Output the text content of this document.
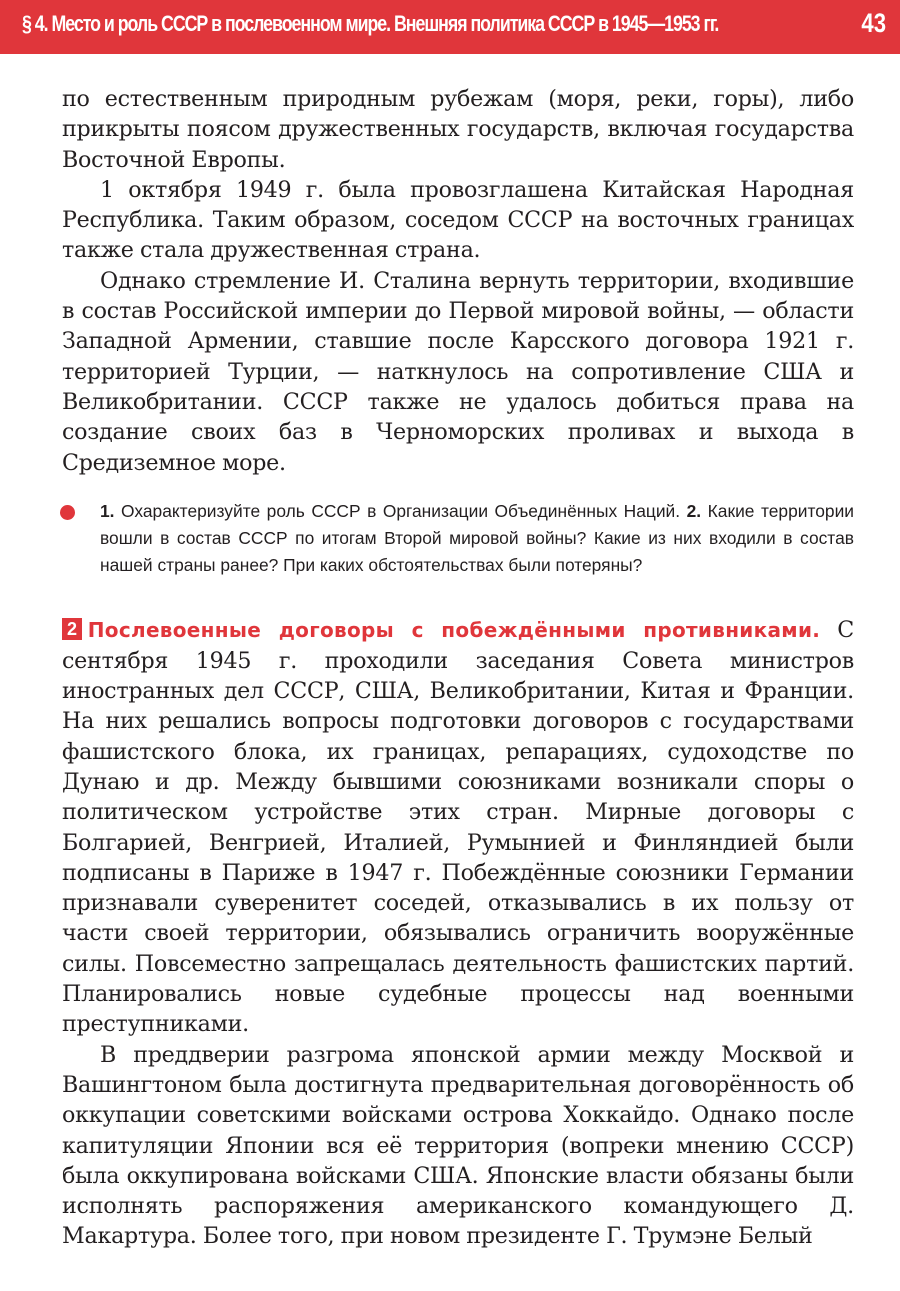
§ 4. Место и роль СССР в послевоенном мире. Внешняя политика СССР в 1945—1953 гг.	43

по естественным природным рубежам (моря, реки, горы), либо прикрыты поясом дружественных государств, включая государства Восточной Европы.

1 октября 1949 г. была провозглашена Китайская Народная Республика. Таким образом, соседом СССР на восточных границах также стала дружественная страна.

Однако стремление И. Сталина вернуть территории, входившие в состав Российской империи до Первой мировой войны, — области Западной Армении, ставшие после Карсского договора 1921 г. территорией Турции, — наткнулось на сопротивление США и Великобритании. СССР также не удалось добиться права на создание своих баз в Черноморских проливах и выхода в Средиземное море.

1. Охарактеризуйте роль СССР в Организации Объединённых Наций. 2. Какие территории вошли в состав СССР по итогам Второй мировой войны? Какие из них входили в состав нашей страны ранее? При каких обстоятельствах были потеряны?

2 Послевоенные договоры с побеждёнными противниками. С сентября 1945 г. проходили заседания Совета министров иностранных дел СССР, США, Великобритании, Китая и Франции. На них решались вопросы подготовки договоров с государствами фашистского блока, их границах, репарациях, судоходстве по Дунаю и др. Между бывшими союзниками возникали споры о политическом устройстве этих стран. Мирные договоры с Болгарией, Венгрией, Италией, Румынией и Финляндией были подписаны в Париже в 1947 г. Побеждённые союзники Германии признавали суверенитет соседей, отказывались в их пользу от части своей территории, обязывались ограничить вооружённые силы. Повсеместно запрещалась деятельность фашистских партий. Планировались новые судебные процессы над военными преступниками.

В преддверии разгрома японской армии между Москвой и Вашингтоном была достигнута предварительная договорённость об оккупации советскими войсками острова Хоккайдо. Однако после капитуляции Японии вся её территория (вопреки мнению СССР) была оккупирована войсками США. Японские власти обязаны были исполнять распоряжения американского командующего Д. Макартура. Более того, при новом президенте Г. Трумэне Белый
